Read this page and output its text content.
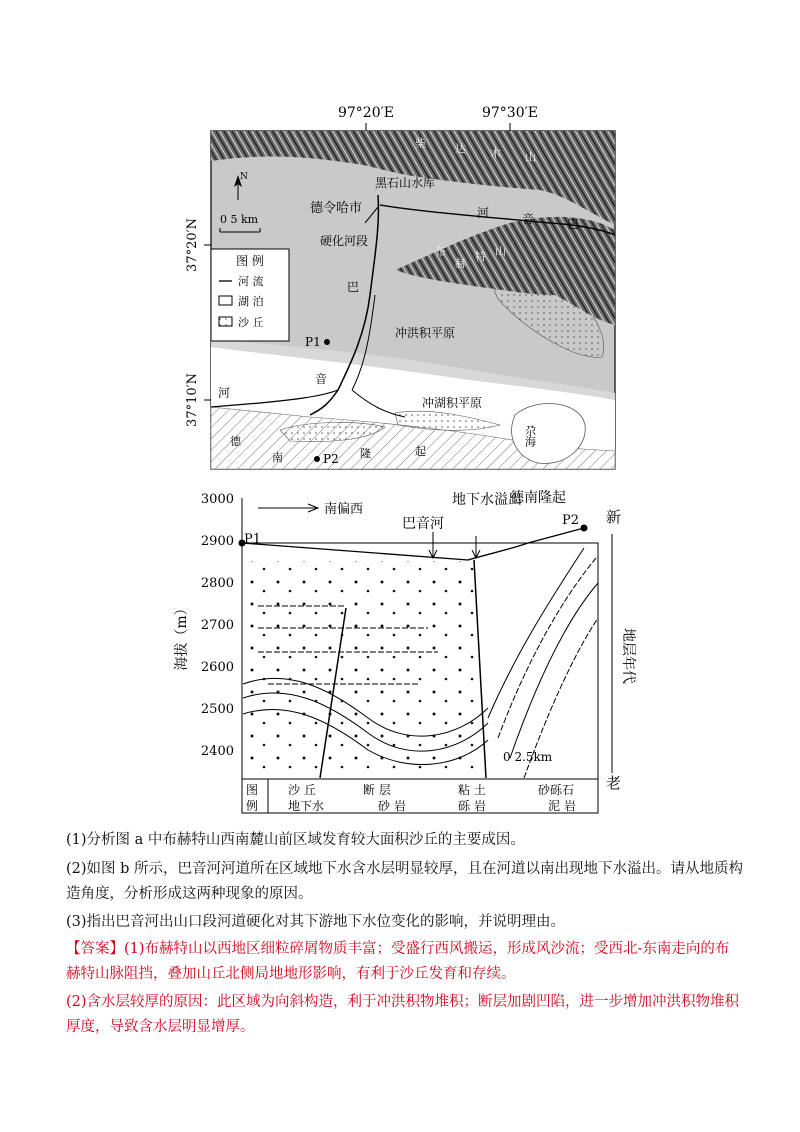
97°20′E	97°30′E
37°20′N
37°10′N
德令哈市
黑石山水库
硬化河段
冲洪积平原
冲湖积平原
尕海
P1
P2
巴
音
河
河	音	巴
柴	达 木 山
布
赫
特 山
德
南	隆	起
N
0 5 km
图 例
河 流
湖 泊
沙 丘
3000
2900
2800
2700
2600
2500
2400
海拔（m）
南偏西
P1
P2
巴音河
地下水溢出
德南隆起
新
老
地层年代
0 2.5km
图
例
沙 丘	断 层	粘 土	砂砾石
地下水	砂 岩	砾 岩	泥 岩
(1)分析图 a 中布赫特山西南麓山前区域发育较大面积沙丘的主要成因。
(2)如图 b 所示，巴音河河道所在区域地下水含水层明显较厚，且在河道以南出现地下水溢出。请从地质构
造角度，分析形成这两种现象的原因。
(3)指出巴音河出山口段河道硬化对其下游地下水位变化的影响，并说明理由。
【答案】(1)布赫特山以西地区细粒碎屑物质丰富；受盛行西风搬运，形成风沙流；受西北-东南走向的布
赫特山脉阻挡，叠加山丘北侧局地地形影响，有利于沙丘发育和存续。
(2)含水层较厚的原因：此区域为向斜构造，利于冲洪积物堆积；断层加剧凹陷，进一步增加冲洪积物堆积
厚度，导致含水层明显增厚。
